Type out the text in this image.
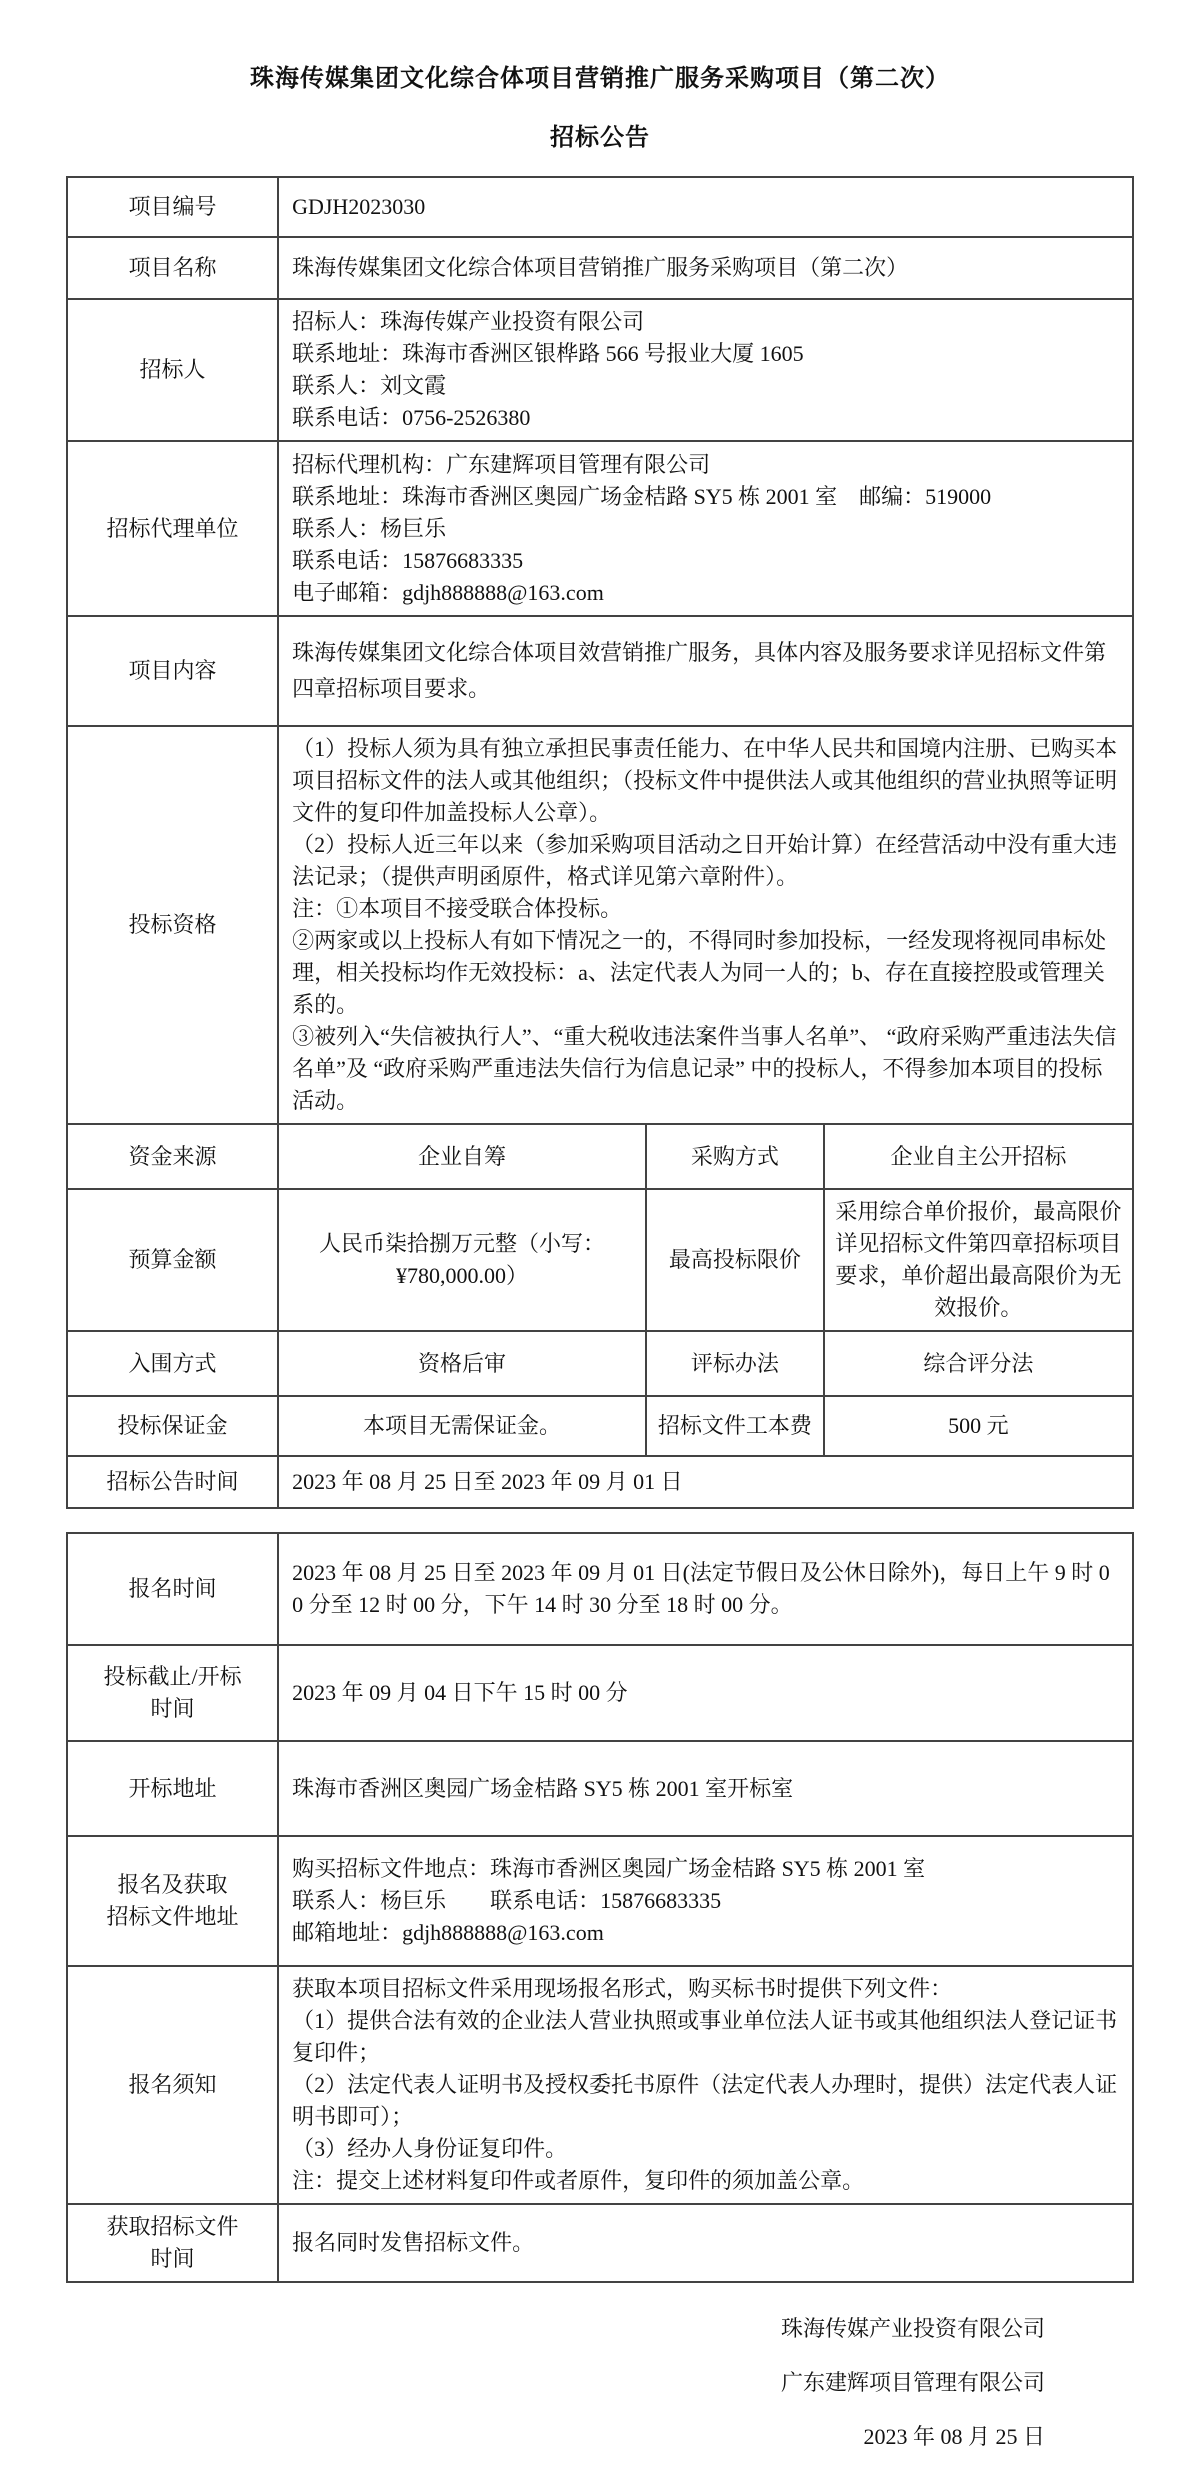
珠海传媒集团文化综合体项目营销推广服务采购项目（第二次）
招标公告
项目编号	GDJH2023030		
项目名称	珠海传媒集团文化综合体项目营销推广服务采购项目（第二次）		
招标人	招标人：珠海传媒产业投资有限公司
联系地址：珠海市香洲区银桦路 566 号报业大厦 1605
联系人：刘文霞
联系电话：0756-2526380		

招标代理单位	招标代理机构：广东建辉项目管理有限公司
联系地址：珠海市香洲区奥园广场金桔路 SY5 栋 2001 室　邮编：519000
联系人：杨巨乐
联系电话：15876683335
电子邮箱：gdjh888888@163.com		

项目内容	珠海传媒集团文化综合体项目效营销推广服务，具体内容及服务要求详见招标文件第四章招标项目要求。		
投标资格	（1）投标人须为具有独立承担民事责任能力、在中华人民共和国境内注册、已购买本项目招标文件的法人或其他组织；（投标文件中提供法人或其他组织的营业执照等证明文件的复印件加盖投标人公章）。
（2）投标人近三年以来（参加采购项目活动之日开始计算）在经营活动中没有重大违法记录；（提供声明函原件，格式详见第六章附件）。
注：①本项目不接受联合体投标。
②两家或以上投标人有如下情况之一的，不得同时参加投标，一经发现将视同串标处理，相关投标均作无效投标：a、法定代表人为同一人的；b、存在直接控股或管理关系的。
③被列入“失信被执行人”、“重大税收违法案件当事人名单”、 “政府采购严重违法失信名单”及 “政府采购严重违法失信行为信息记录” 中的投标人，不得参加本项目的投标活动。		

资金来源	企业自筹	采购方式	企业自主公开招标
预算金额	人民币柒拾捌万元整（小写：
¥780,000.00）	最高投标限价	采用综合单价报价，最高限价详见招标文件第四章招标项目要求，单价超出最高限价为无效报价。
入围方式	资格后审	评标办法	综合评分法
投标保证金	本项目无需保证金。	招标文件工本费	500 元
招标公告时间	2023 年 08 月 25 日至 2023 年 09 月 01 日		
报名时间	2023 年 08 月 25 日至 2023 年 09 月 01 日(法定节假日及公休日除外)，每日上午 9 时 00 分至 12 时 00 分，下午 14 时 30 分至 18 时 00 分。

投标截止/开标
时间	2023 年 09 月 04 日下午 15 时 00 分
开标地址	珠海市香洲区奥园广场金桔路 SY5 栋 2001 室开标室

报名及获取
招标文件地址	购买招标文件地点：珠海市香洲区奥园广场金桔路 SY5 栋 2001 室
联系人：杨巨乐　　联系电话：15876683335
邮箱地址：gdjh888888@163.com

报名须知	获取本项目招标文件采用现场报名形式，购买标书时提供下列文件：
（1）提供合法有效的企业法人营业执照或事业单位法人证书或其他组织法人登记证书复印件；
（2）法定代表人证明书及授权委托书原件（法定代表人办理时，提供）法定代表人证明书即可）；
（3）经办人身份证复印件。
注：提交上述材料复印件或者原件，复印件的须加盖公章。

获取招标文件
时间	报名同时发售招标文件。
珠海传媒产业投资有限公司
广东建辉项目管理有限公司
2023 年 08 月 25 日
